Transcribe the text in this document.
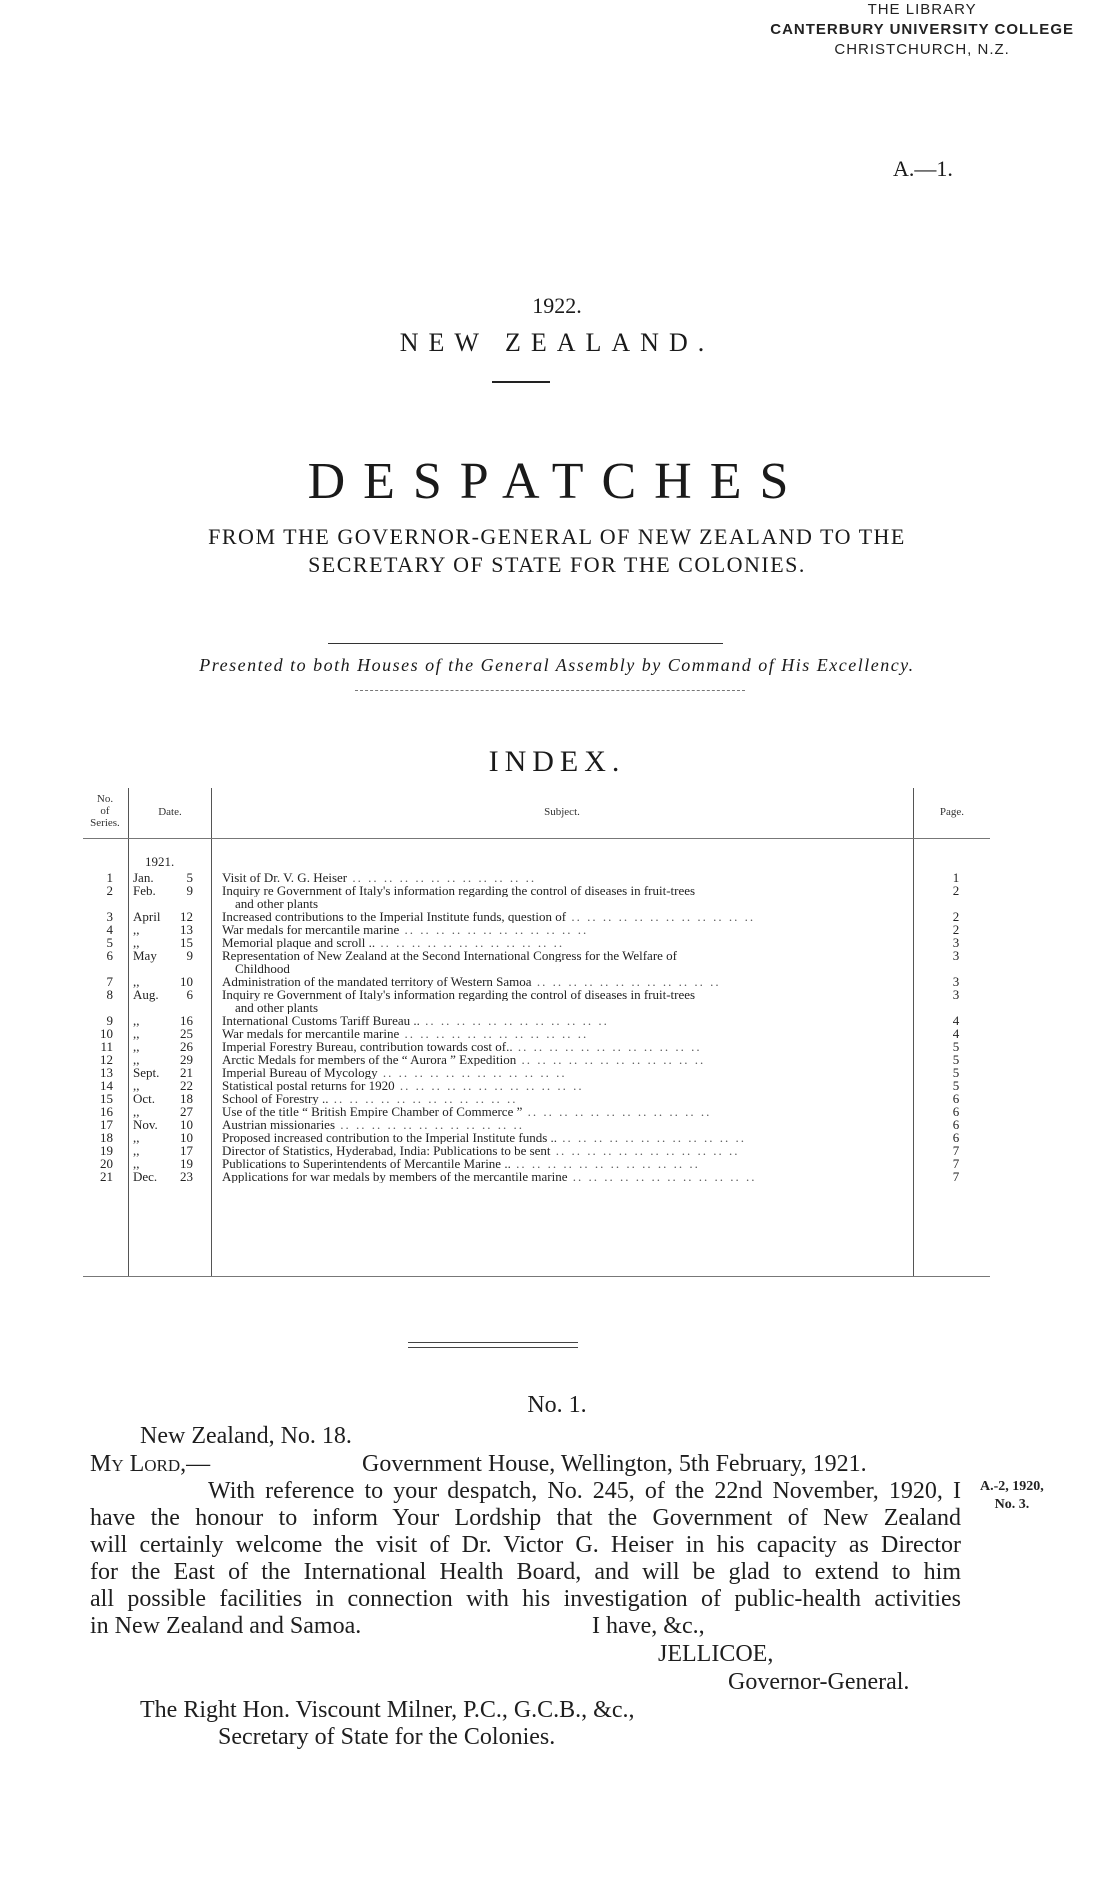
THE LIBRARY
CANTERBURY UNIVERSITY COLLEGE
CHRISTCHURCH, N.Z.
A.—1.
1922.
NEW ZEALAND.
DESPATCHES
FROM THE GOVERNOR-GENERAL OF NEW ZEALAND TO THE
SECRETARY OF STATE FOR THE COLONIES.
Presented to both Houses of the General Assembly by Command of His Excellency.
INDEX.
No.
of
Series.
Date.	Subject.	Page.
1921.
1 Jan.	5 Visit of Dr. V. G. Heiser .. .. .. .. .. .. .. .. .. .. .. ..	1
2 Feb.	9 Inquiry re Government of Italy's information regarding the control of diseases in fruit-trees	2
and other plants
3 April	12 Increased contributions to the Imperial Institute funds, question of .. .. .. .. .. .. .. .. .. .. .. ..	2
4 ,,	13 War medals for mercantile marine .. .. .. .. .. .. .. .. .. .. .. ..	2
5 ,,	15 Memorial plaque and scroll .. .. .. .. .. .. .. .. .. .. .. .. ..	3
6 May	9 Representation of New Zealand at the Second International Congress for the Welfare of	3
Childhood
7 ,,	10 Administration of the mandated territory of Western Samoa .. .. .. .. .. .. .. .. .. .. .. ..	3
8 Aug.	6 Inquiry re Government of Italy's information regarding the control of diseases in fruit-trees	3
and other plants
9 ,,	16 International Customs Tariff Bureau .. .. .. .. .. .. .. .. .. .. .. .. ..	4
10 ,,	25 War medals for mercantile marine .. .. .. .. .. .. .. .. .. .. .. ..	4
11 ,,	26 Imperial Forestry Bureau, contribution towards cost of.. .. .. .. .. .. .. .. .. .. .. .. ..	5
12 ,,	29 Arctic Medals for members of the “ Aurora ” Expedition .. .. .. .. .. .. .. .. .. .. .. ..	5
13 Sept.	21 Imperial Bureau of Mycology .. .. .. .. .. .. .. .. .. .. .. ..	5
14 ,,	22 Statistical postal returns for 1920 .. .. .. .. .. .. .. .. .. .. .. ..	5
15 Oct.	18 School of Forestry .. .. .. .. .. .. .. .. .. .. .. .. ..	6
16 ,,	27 Use of the title “ British Empire Chamber of Commerce ” .. .. .. .. .. .. .. .. .. .. .. ..	6
17 Nov.	10 Austrian missionaries .. .. .. .. .. .. .. .. .. .. .. ..	6
18 ,,	10 Proposed increased contribution to the Imperial Institute funds .. .. .. .. .. .. .. .. .. .. .. .. ..	6
19 ,,	17 Director of Statistics, Hyderabad, India: Publications to be sent .. .. .. .. .. .. .. .. .. .. .. ..	7
20 ,,	19 Publications to Superintendents of Mercantile Marine .. .. .. .. .. .. .. .. .. .. .. .. ..	7
21 Dec.	23 Applications for war medals by members of the mercantile marine .. .. .. .. .. .. .. .. .. .. .. ..	7
No. 1.
New Zealand, No. 18.
My Lord,—	Government House, Wellington, 5th February, 1921.
With reference to your despatch, No. 245, of the 22nd November, 1920, I
have the honour to inform Your Lordship that the Government of New Zealand
will certainly welcome the visit of Dr. Victor G. Heiser in his capacity as Director
for the East of the International Health Board, and will be glad to extend to him
all possible facilities in connection with his investigation of public-health activities
in New Zealand and Samoa.	I have, &c.,
JELLICOE,
Governor-General.
The Right Hon. Viscount Milner, P.C., G.C.B., &c.,
Secretary of State for the Colonies.
A.-2, 1920,
No. 3.
